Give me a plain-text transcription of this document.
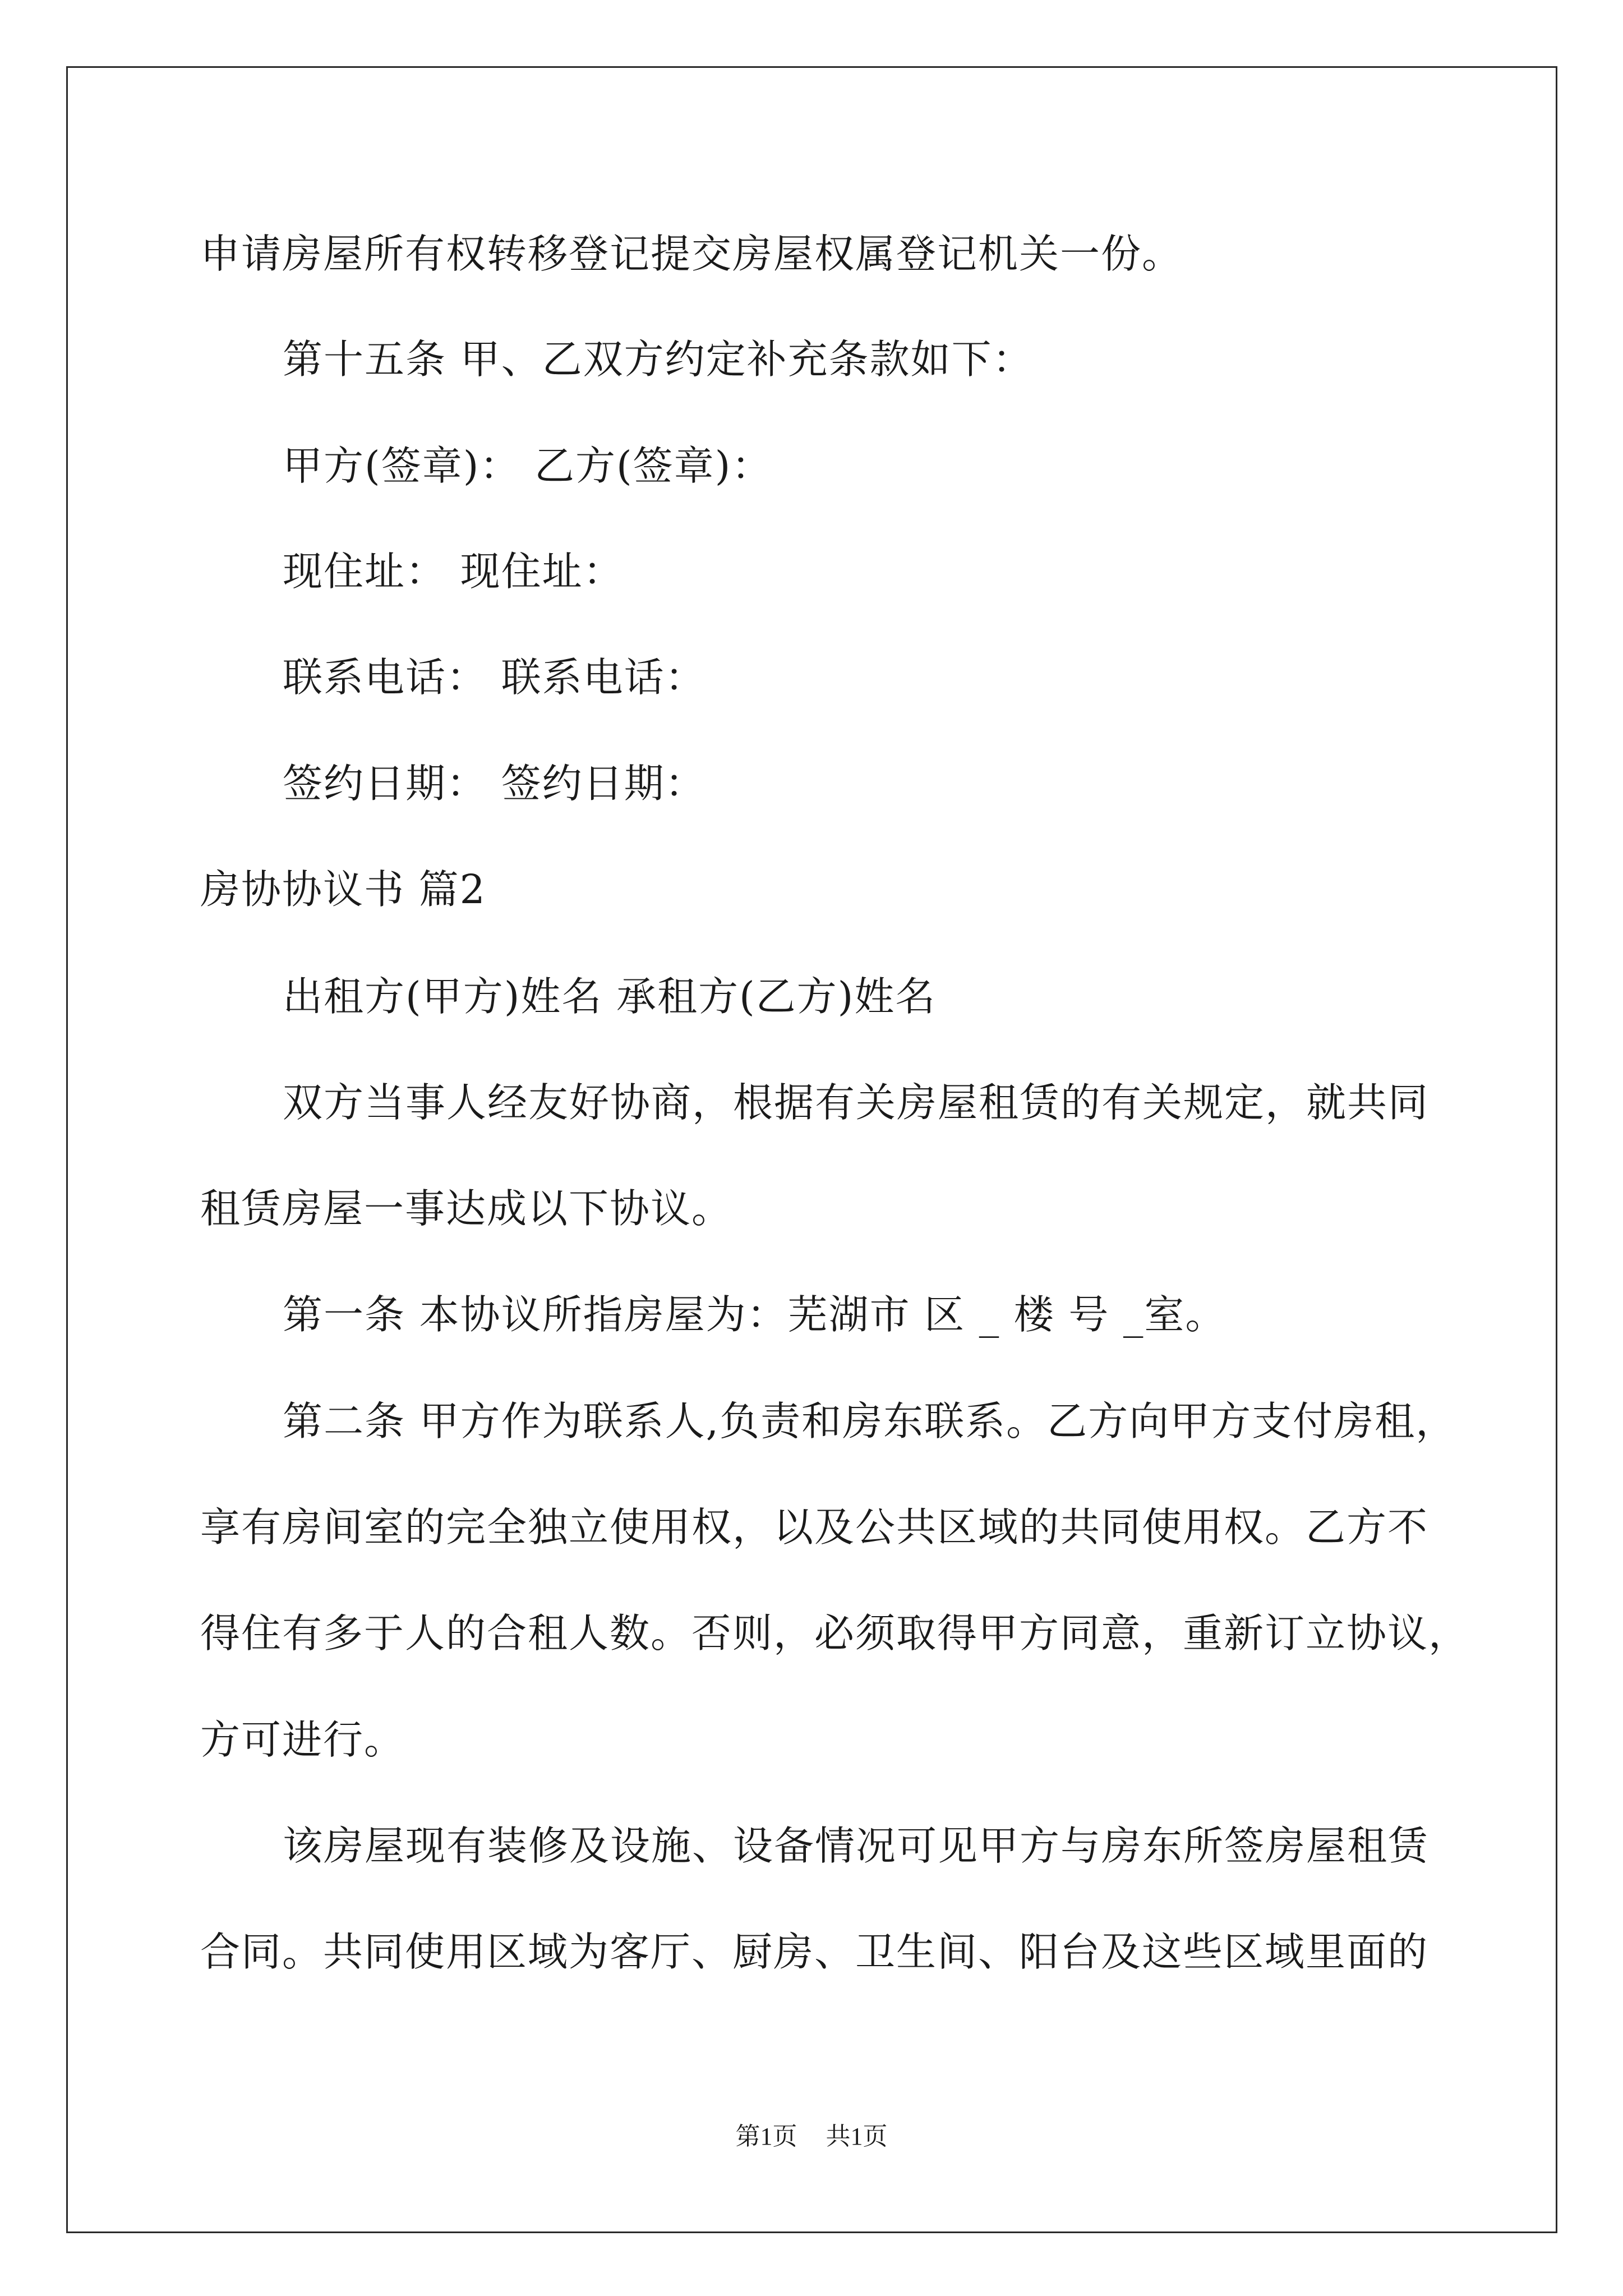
申请房屋所有权转移登记提交房屋权属登记机关一份。
第十五条 甲、乙双方约定补充条款如下：
甲方(签章)： 乙方(签章)：
现住址： 现住址：
联系电话： 联系电话：
签约日期： 签约日期：
房协协议书 篇2
出租方(甲方)姓名 承租方(乙方)姓名
双方当事人经友好协商，根据有关房屋租赁的有关规定，就共同
租赁房屋一事达成以下协议。
第一条 本协议所指房屋为：芜湖市 区 _ 楼 号 _室。
第二条 甲方作为联系人,负责和房东联系。乙方向甲方支付房租，
享有房间室的完全独立使用权，以及公共区域的共同使用权。乙方不
得住有多于人的合租人数。否则，必须取得甲方同意，重新订立协议，
方可进行。
该房屋现有装修及设施、设备情况可见甲方与房东所签房屋租赁
合同。共同使用区域为客厅、厨房、卫生间、阳台及这些区域里面的
第1页 共1页
